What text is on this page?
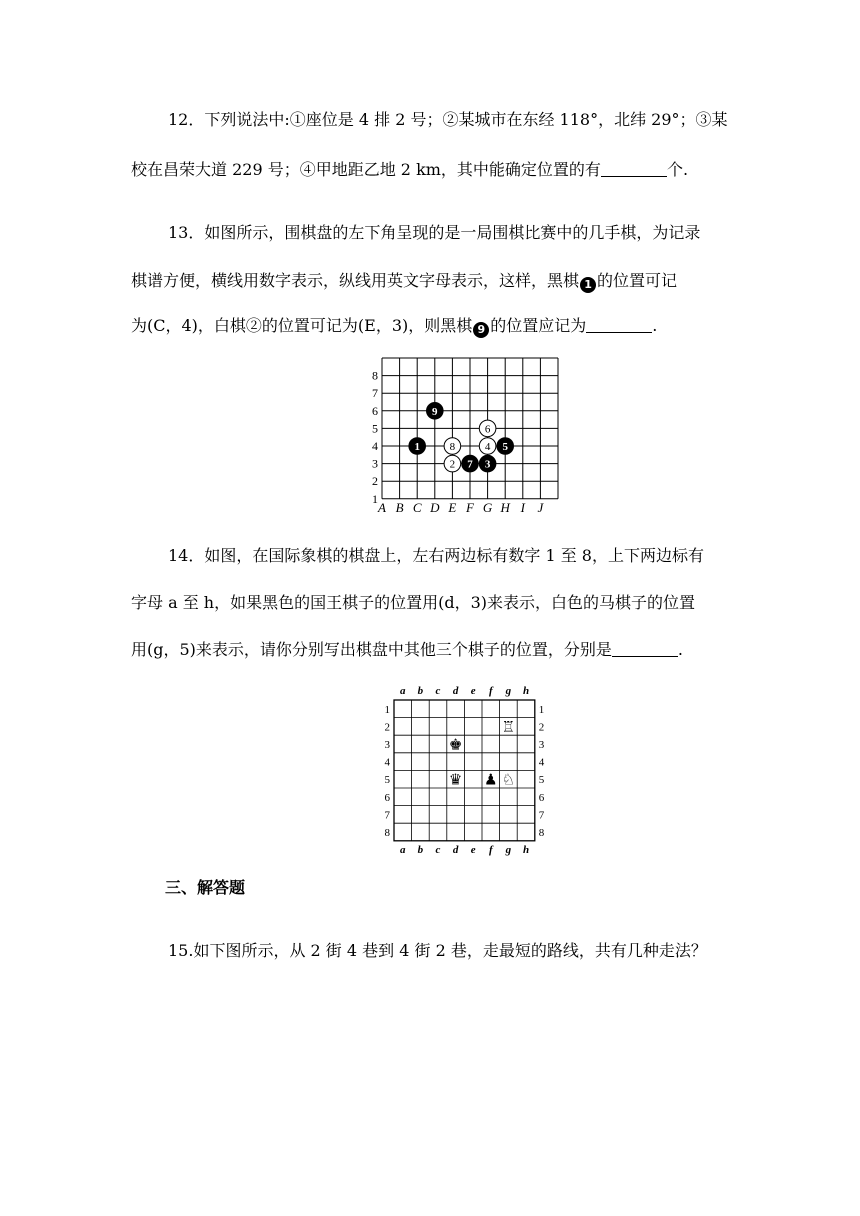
12．下列说法中:①座位是 4 排 2 号；②某城市在东经 118°，北纬 29°；③某
校在昌荣大道 229 号；④甲地距乙地 2 km，其中能确定位置的有	个.
13．如图所示，围棋盘的左下角呈现的是一局围棋比赛中的几手棋，为记录
棋谱方便，横线用数字表示，纵线用英文字母表示，这样，黑棋 1 的位置可记
为(C，4)，白棋②的位置可记为(E，3)，则黑棋 9 的位置应记为	.
1
2
3
4
5
6
7
8
A B C D E F G H I J
1
2	3
4 5
6
7
8
9
14．如图，在国际象棋的棋盘上，左右两边标有数字 1 至 8，上下两边标有
字母 a 至 h，如果黑色的国王棋子的位置用(d，3)来表示，白色的马棋子的位置
用(g，5)来表示，请你分别写出棋盘中其他三个棋子的位置，分别是	.
a
a
b
b
c
c
d
d
e
e
f
f
g
g
h
h
1	1
2	2
3	3
4	4
5	5
6	6
7	7
8	8
♖
♚
♛ ♟ ♘
三、解答题
15.如下图所示，从 2 街 4 巷到 4 街 2 巷，走最短的路线，共有几种走法？
